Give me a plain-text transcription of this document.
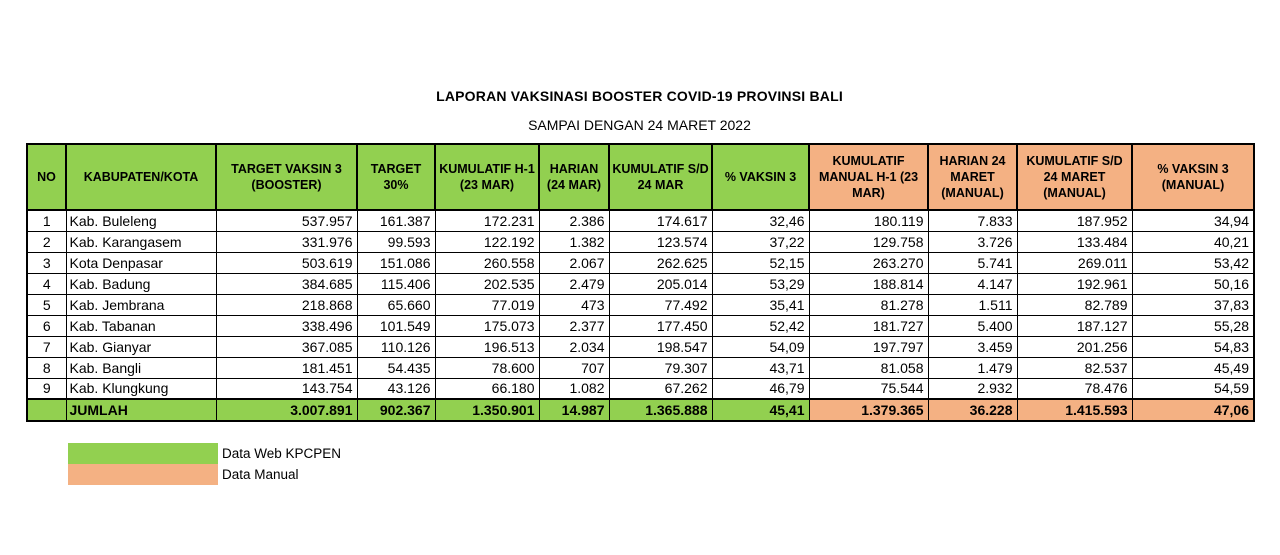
LAPORAN VAKSINASI BOOSTER COVID-19 PROVINSI BALI
SAMPAI DENGAN 24 MARET 2022
NO	KABUPATEN/KOTA	TARGET VAKSIN 3 (BOOSTER)	TARGET 30%	KUMULATIF H-1 (23 MAR)	HARIAN (24 MAR)	KUMULATIF S/D 24 MAR	% VAKSIN 3	KUMULATIF MANUAL H-1 (23 MAR)	HARIAN 24 MARET (MANUAL)	KUMULATIF S/D 24 MARET (MANUAL)	% VAKSIN 3 (MANUAL)
1	Kab. Buleleng	537.957	161.387	172.231	2.386	174.617	32,46	180.119	7.833	187.952	34,94
2	Kab. Karangasem	331.976	99.593	122.192	1.382	123.574	37,22	129.758	3.726	133.484	40,21
3	Kota Denpasar	503.619	151.086	260.558	2.067	262.625	52,15	263.270	5.741	269.011	53,42
4	Kab. Badung	384.685	115.406	202.535	2.479	205.014	53,29	188.814	4.147	192.961	50,16
5	Kab. Jembrana	218.868	65.660	77.019	473	77.492	35,41	81.278	1.511	82.789	37,83
6	Kab. Tabanan	338.496	101.549	175.073	2.377	177.450	52,42	181.727	5.400	187.127	55,28
7	Kab. Gianyar	367.085	110.126	196.513	2.034	198.547	54,09	197.797	3.459	201.256	54,83
8	Kab. Bangli	181.451	54.435	78.600	707	79.307	43,71	81.058	1.479	82.537	45,49
9	Kab. Klungkung	143.754	43.126	66.180	1.082	67.262	46,79	75.544	2.932	78.476	54,59
	JUMLAH	3.007.891	902.367	1.350.901	14.987	1.365.888	45,41	1.379.365	36.228	1.415.593	47,06
Data Web KPCPEN
Data Manual
